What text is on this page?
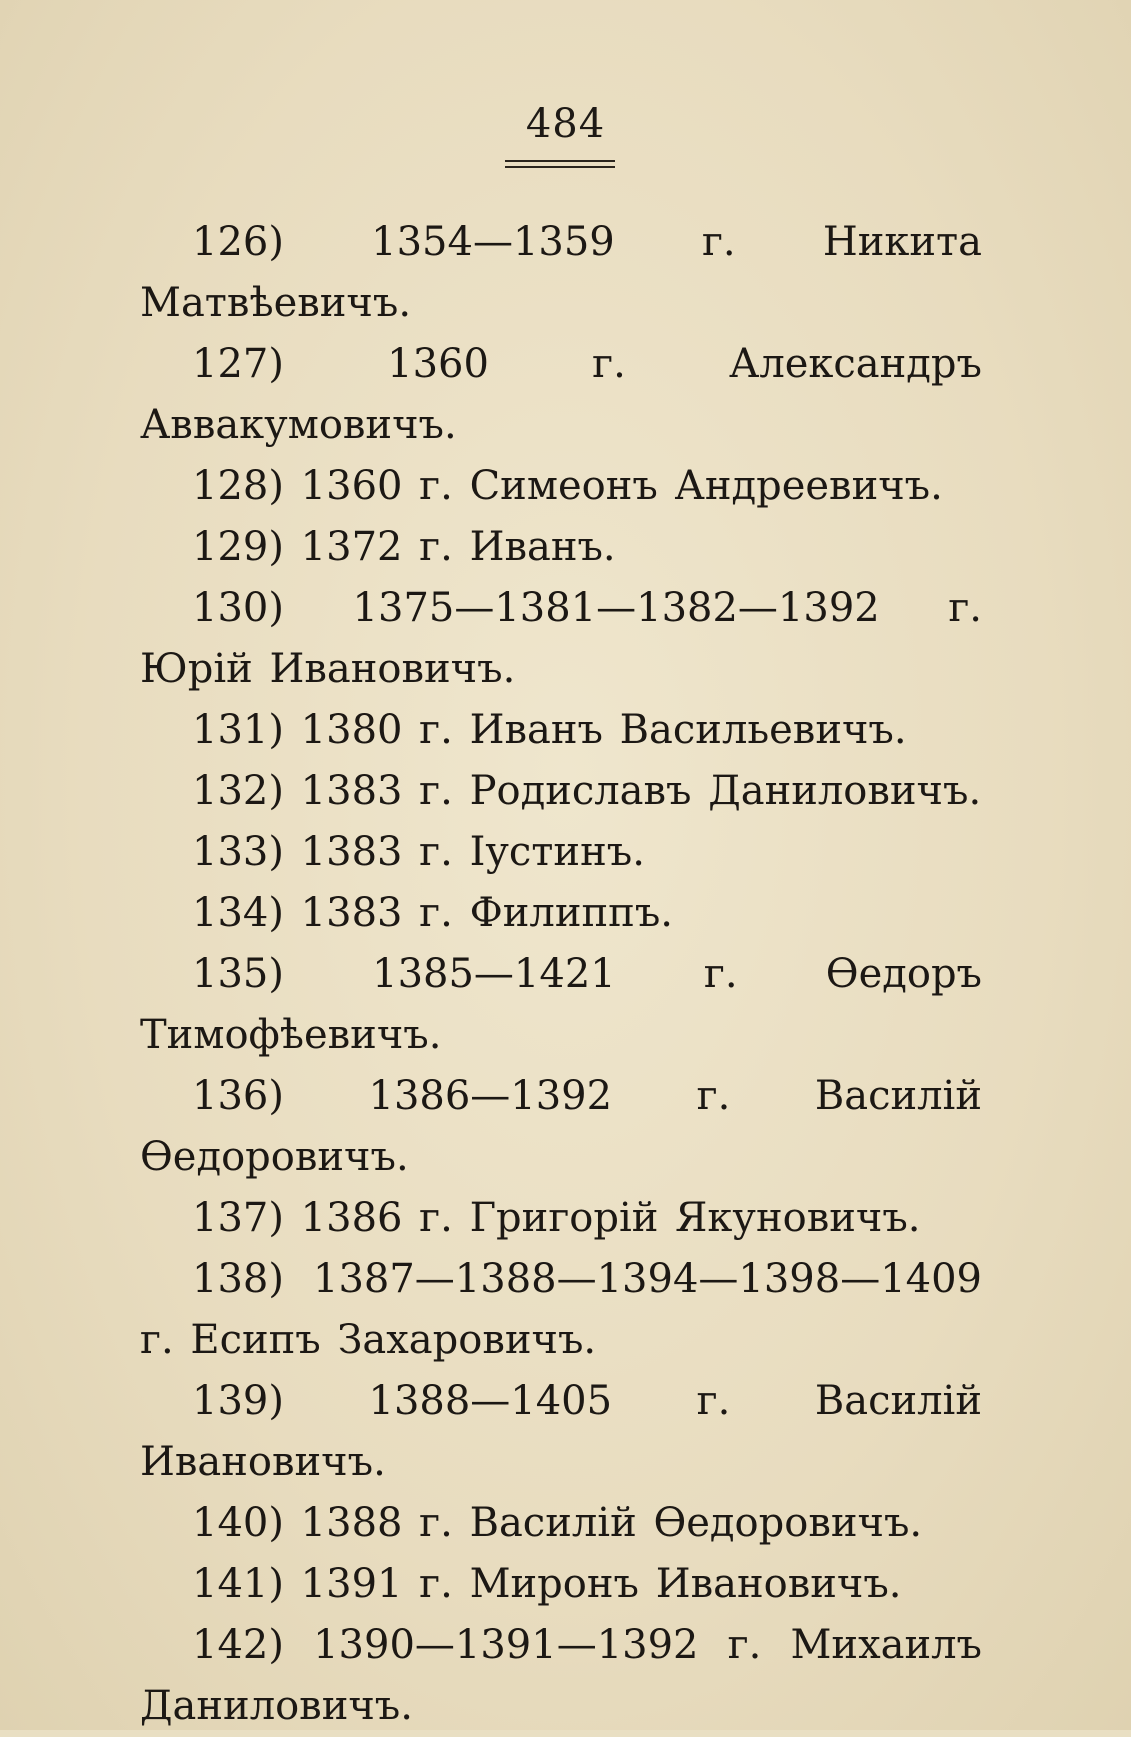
484

126) 1354—1359 г. Никита Матвѣевичъ.

127) 1360 г. Александръ Аввакумовичъ.

128) 1360 г. Симеонъ Андреевичъ.

129) 1372 г. Иванъ.

130) 1375—1381—1382—1392 г. Юрій Ивановичъ.

131) 1380 г. Иванъ Васильевичъ.

132) 1383 г. Родиславъ Даниловичъ.

133) 1383 г. Іустинъ.

134) 1383 г. Филиппъ.

135) 1385—1421 г. Ѳедоръ Тимофѣевичъ.

136) 1386—1392 г. Василій Ѳедоровичъ.

137) 1386 г. Григорій Якуновичъ.

138) 1387—1388—1394—1398—1409 г. Есипъ Захаровичъ.

139) 1388—1405 г. Василій Ивановичъ.

140) 1388 г. Василій Ѳедоровичъ.

141) 1391 г. Миронъ Ивановичъ.

142) 1390—1391—1392 г. Михаилъ Даниловичъ.
